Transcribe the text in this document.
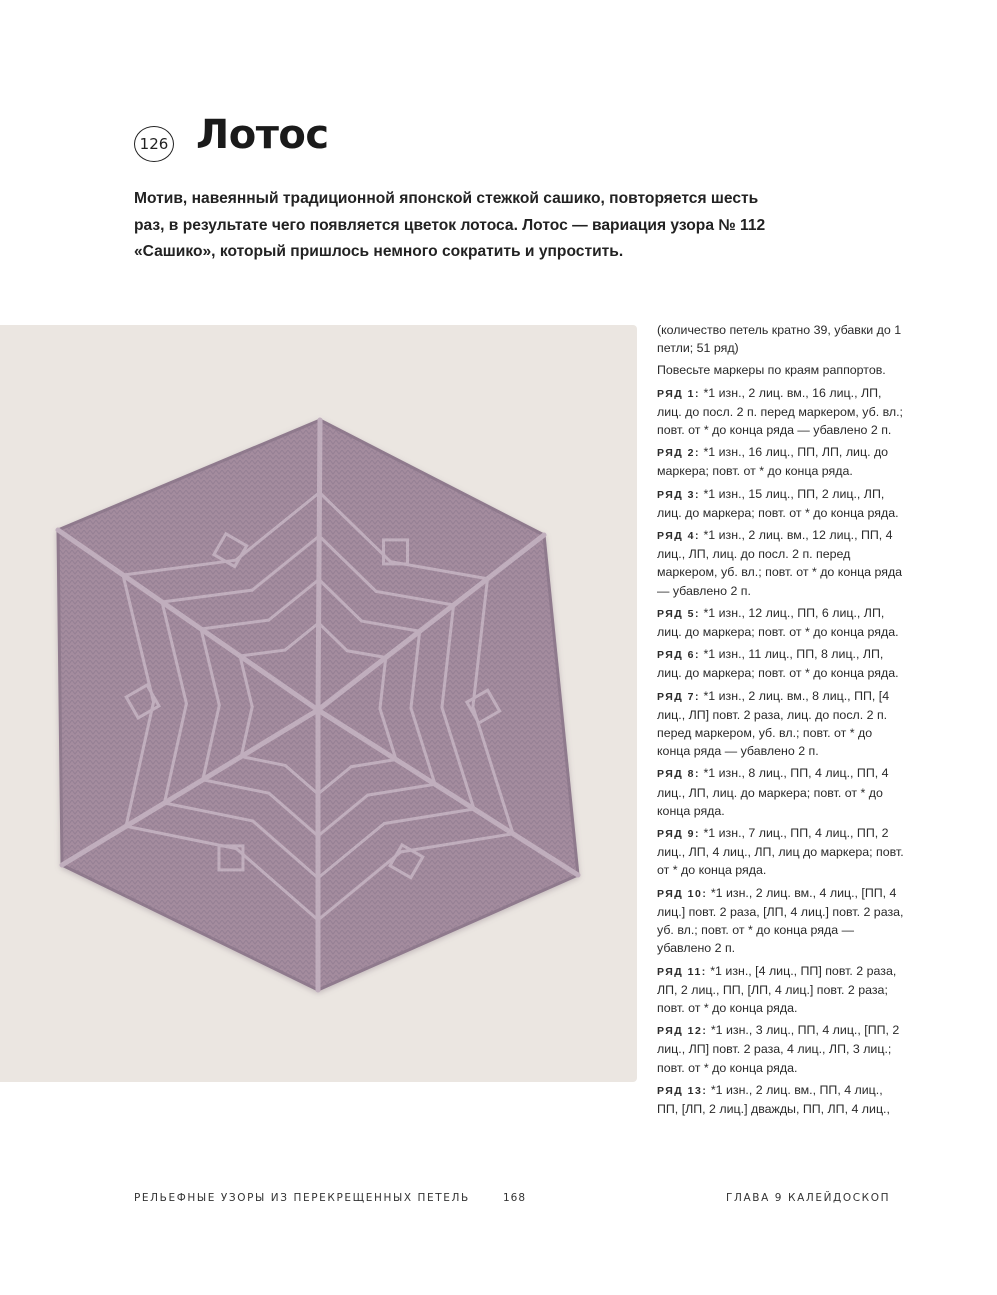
126 Лотос

Мотив, навеянный традиционной японской стежкой сашико, повторяется шесть раз, в результате чего появляется цветок лотоса. Лотос — вариация узора № 112 «Сашико», который пришлось немного сократить и упростить.

(количество петель кратно 39, убавки до 1 петли; 51 ряд)

Повесьте маркеры по краям раппортов.

РЯД 1: *1 изн., 2 лиц. вм., 16 лиц., ЛП, лиц. до посл. 2 п. перед маркером, уб. вл.; повт. от * до конца ряда — убавлено 2 п.

РЯД 2: *1 изн., 16 лиц., ПП, ЛП, лиц. до маркера; повт. от * до конца ряда.

РЯД 3: *1 изн., 15 лиц., ПП, 2 лиц., ЛП, лиц. до маркера; повт. от * до конца ряда.

РЯД 4: *1 изн., 2 лиц. вм., 12 лиц., ПП, 4 лиц., ЛП, лиц. до посл. 2 п. перед маркером, уб. вл.; повт. от * до конца ряда — убавлено 2 п.

РЯД 5: *1 изн., 12 лиц., ПП, 6 лиц., ЛП, лиц. до маркера; повт. от * до конца ряда.

РЯД 6: *1 изн., 11 лиц., ПП, 8 лиц., ЛП, лиц. до маркера; повт. от * до конца ряда.

РЯД 7: *1 изн., 2 лиц. вм., 8 лиц., ПП, [4 лиц., ЛП] повт. 2 раза, лиц. до посл. 2 п. перед маркером, уб. вл.; повт. от * до конца ряда — убавлено 2 п.

РЯД 8: *1 изн., 8 лиц., ПП, 4 лиц., ПП, 4 лиц., ЛП, лиц. до маркера; повт. от * до конца ряда.

РЯД 9: *1 изн., 7 лиц., ПП, 4 лиц., ПП, 2 лиц., ЛП, 4 лиц., ЛП, лиц до маркера; повт. от * до конца ряда.

РЯД 10: *1 изн., 2 лиц. вм., 4 лиц., [ПП, 4 лиц.] повт. 2 раза, [ЛП, 4 лиц.] повт. 2 раза, уб. вл.; повт. от * до конца ряда — убавлено 2 п.

РЯД 11: *1 изн., [4 лиц., ПП] повт. 2 раза, ЛП, 2 лиц., ПП, [ЛП, 4 лиц.] повт. 2 раза; повт. от * до конца ряда.

РЯД 12: *1 изн., 3 лиц., ПП, 4 лиц., [ПП, 2 лиц., ЛП] повт. 2 раза, 4 лиц., ЛП, 3 лиц.; повт. от * до конца ряда.

РЯД 13: *1 изн., 2 лиц. вм., ПП, 4 лиц., ПП, [ЛП, 2 лиц.] дважды, ПП, ЛП, 4 лиц.,

РЕЛЬЕФНЫЕ УЗОРЫ ИЗ ПЕРЕКРЕЩЕННЫХ ПЕТЕЛЬ	168	ГЛАВА 9 КАЛЕЙДОСКОП
